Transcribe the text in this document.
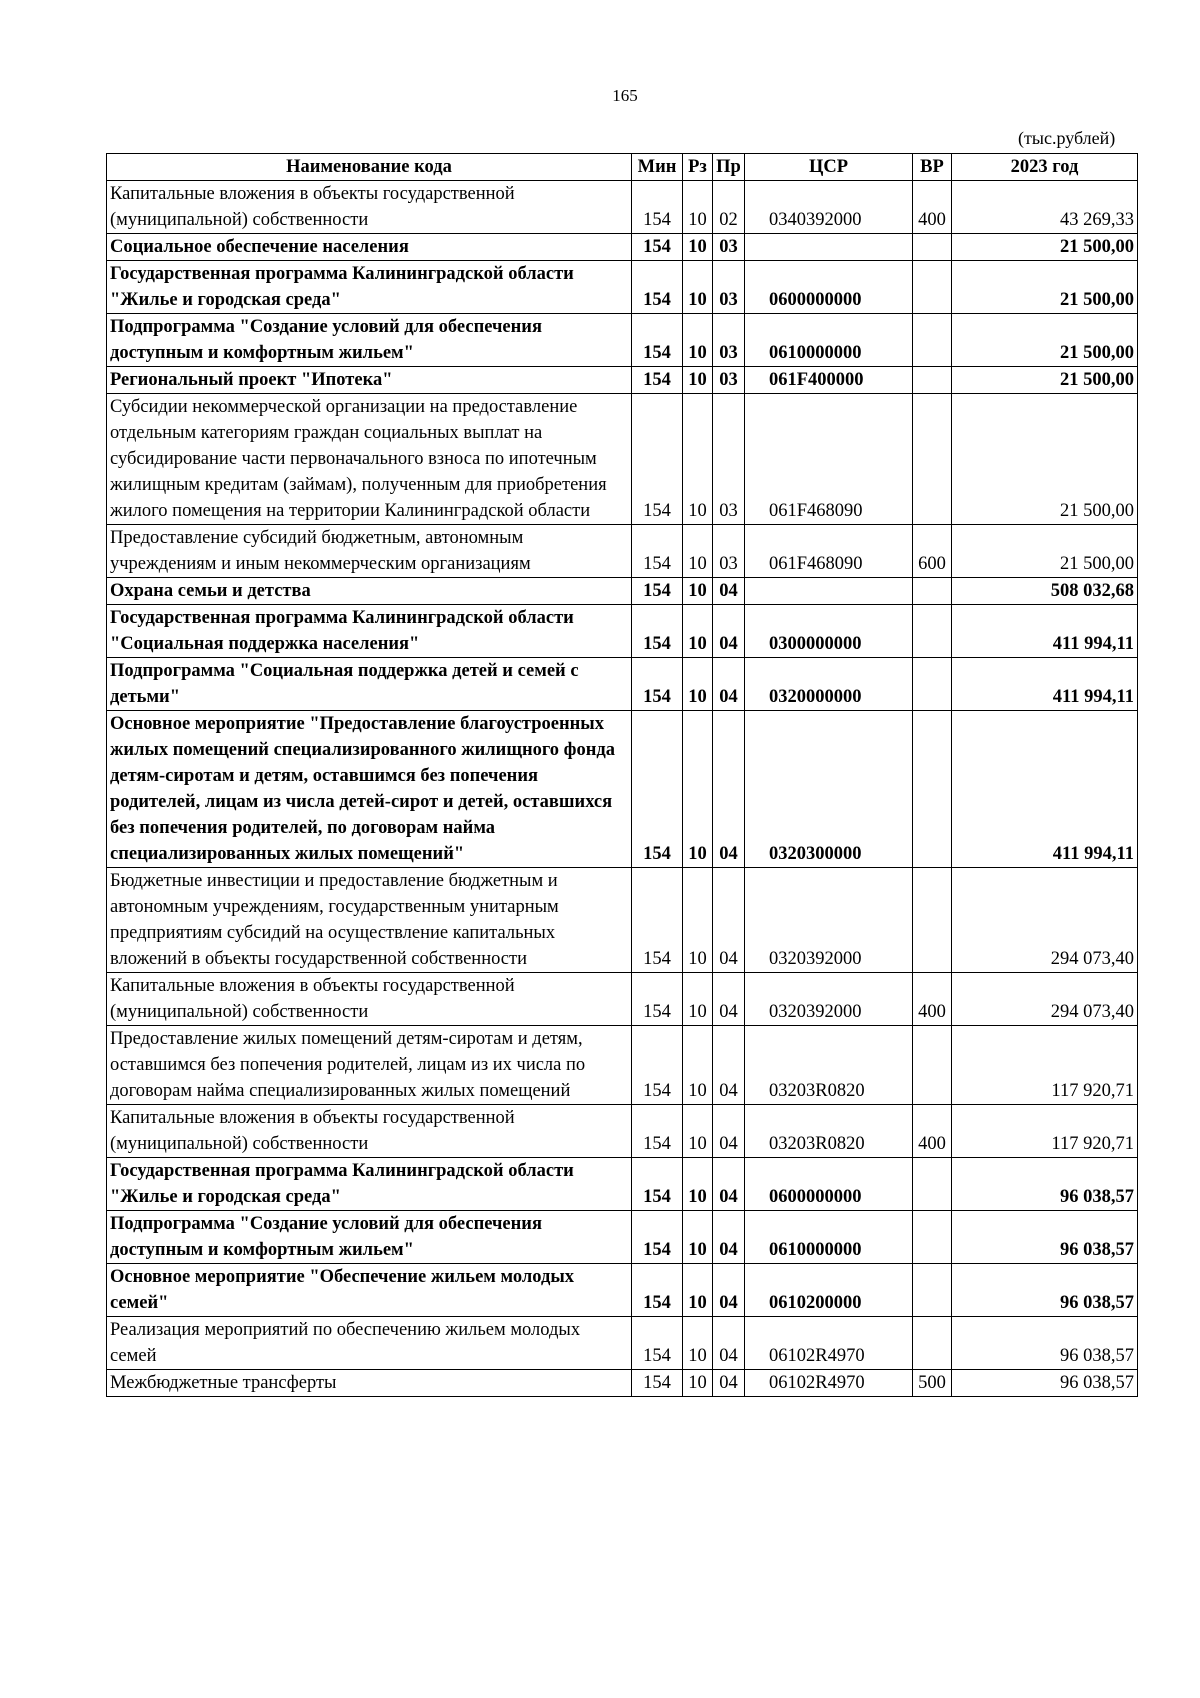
165
(тыс.рублей)
Наименование кода	Мин	Рз	Пр	ЦСР	ВР	2023 год
Капитальные вложения в объекты государственной (муниципальной) собственности	154	10	02	0340392000	400	43 269,33
Социальное обеспечение населения	154	10	03			21 500,00
Государственная программа Калининградской области "Жилье и городская среда"	154	10	03	0600000000		21 500,00
Подпрограмма "Создание условий для обеспечения доступным и комфортным жильем"	154	10	03	0610000000		21 500,00
Региональный проект "Ипотека"	154	10	03	061F400000		21 500,00
Субсидии некоммерческой организации на предоставление отдельным категориям граждан социальных выплат на субсидирование части первоначального взноса по ипотечным жилищным кредитам (займам), полученным для приобретения жилого помещения на территории Калининградской области	154	10	03	061F468090		21 500,00
Предоставление субсидий бюджетным, автономным учреждениям и иным некоммерческим организациям	154	10	03	061F468090	600	21 500,00
Охрана семьи и детства	154	10	04			508 032,68
Государственная программа Калининградской области "Социальная поддержка населения"	154	10	04	0300000000		411 994,11
Подпрограмма "Социальная поддержка детей и семей с детьми"	154	10	04	0320000000		411 994,11
Основное мероприятие "Предоставление благоустроенных жилых помещений специализированного жилищного фонда детям-сиротам и детям, оставшимся без попечения родителей, лицам из числа детей-сирот и детей, оставшихся без попечения родителей, по договорам найма специализированных жилых помещений"	154	10	04	0320300000		411 994,11
Бюджетные инвестиции и предоставление бюджетным и автономным учреждениям, государственным унитарным предприятиям субсидий на осуществление капитальных вложений в объекты государственной собственности	154	10	04	0320392000		294 073,40
Капитальные вложения в объекты государственной (муниципальной) собственности	154	10	04	0320392000	400	294 073,40
Предоставление жилых помещений детям-сиротам и детям, оставшимся без попечения родителей, лицам из их числа по договорам найма специализированных жилых помещений	154	10	04	03203R0820		117 920,71
Капитальные вложения в объекты государственной (муниципальной) собственности	154	10	04	03203R0820	400	117 920,71
Государственная программа Калининградской области "Жилье и городская среда"	154	10	04	0600000000		96 038,57
Подпрограмма "Создание условий для обеспечения доступным и комфортным жильем"	154	10	04	0610000000		96 038,57
Основное мероприятие "Обеспечение жильем молодых семей"	154	10	04	0610200000		96 038,57
Реализация мероприятий по обеспечению жильем молодых семей	154	10	04	06102R4970		96 038,57
Межбюджетные трансферты	154	10	04	06102R4970	500	96 038,57
